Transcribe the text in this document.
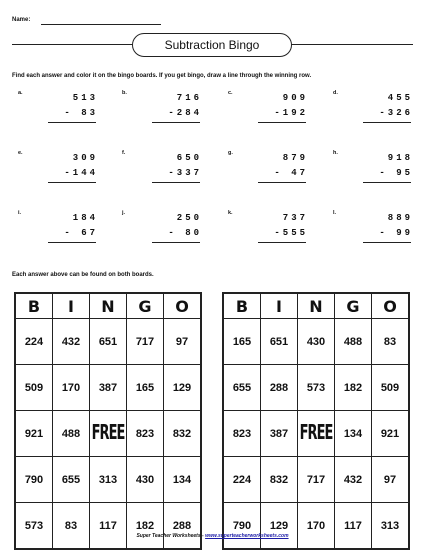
Name:
Subtraction Bingo
Find each answer and color it on the bingo boards. If you get bingo, draw a line through the winning row.
a.	513
- 83
b.	716
-284
c.	909
-192
d.	455
-326
e.	309
-144
f.	650
-337
g.	879
- 47
h.	918
- 95
i.	184
- 67
j.	250
- 80
k.	737
-555
l.	889
- 99
Each answer above can be found on both boards.
B	I	N	G	O
224	432	651	717	97
509	170	387	165	129
921	488	FREE	823	832
790	655	313	430	134
573	83	117	182	288
B	I	N	G	O
165	651	430	488	83
655	288	573	182	509
823	387	FREE	134	921
224	832	717	432	97
790	129	170	117	313
Super Teacher Worksheets - www.superteacherworksheets.com
